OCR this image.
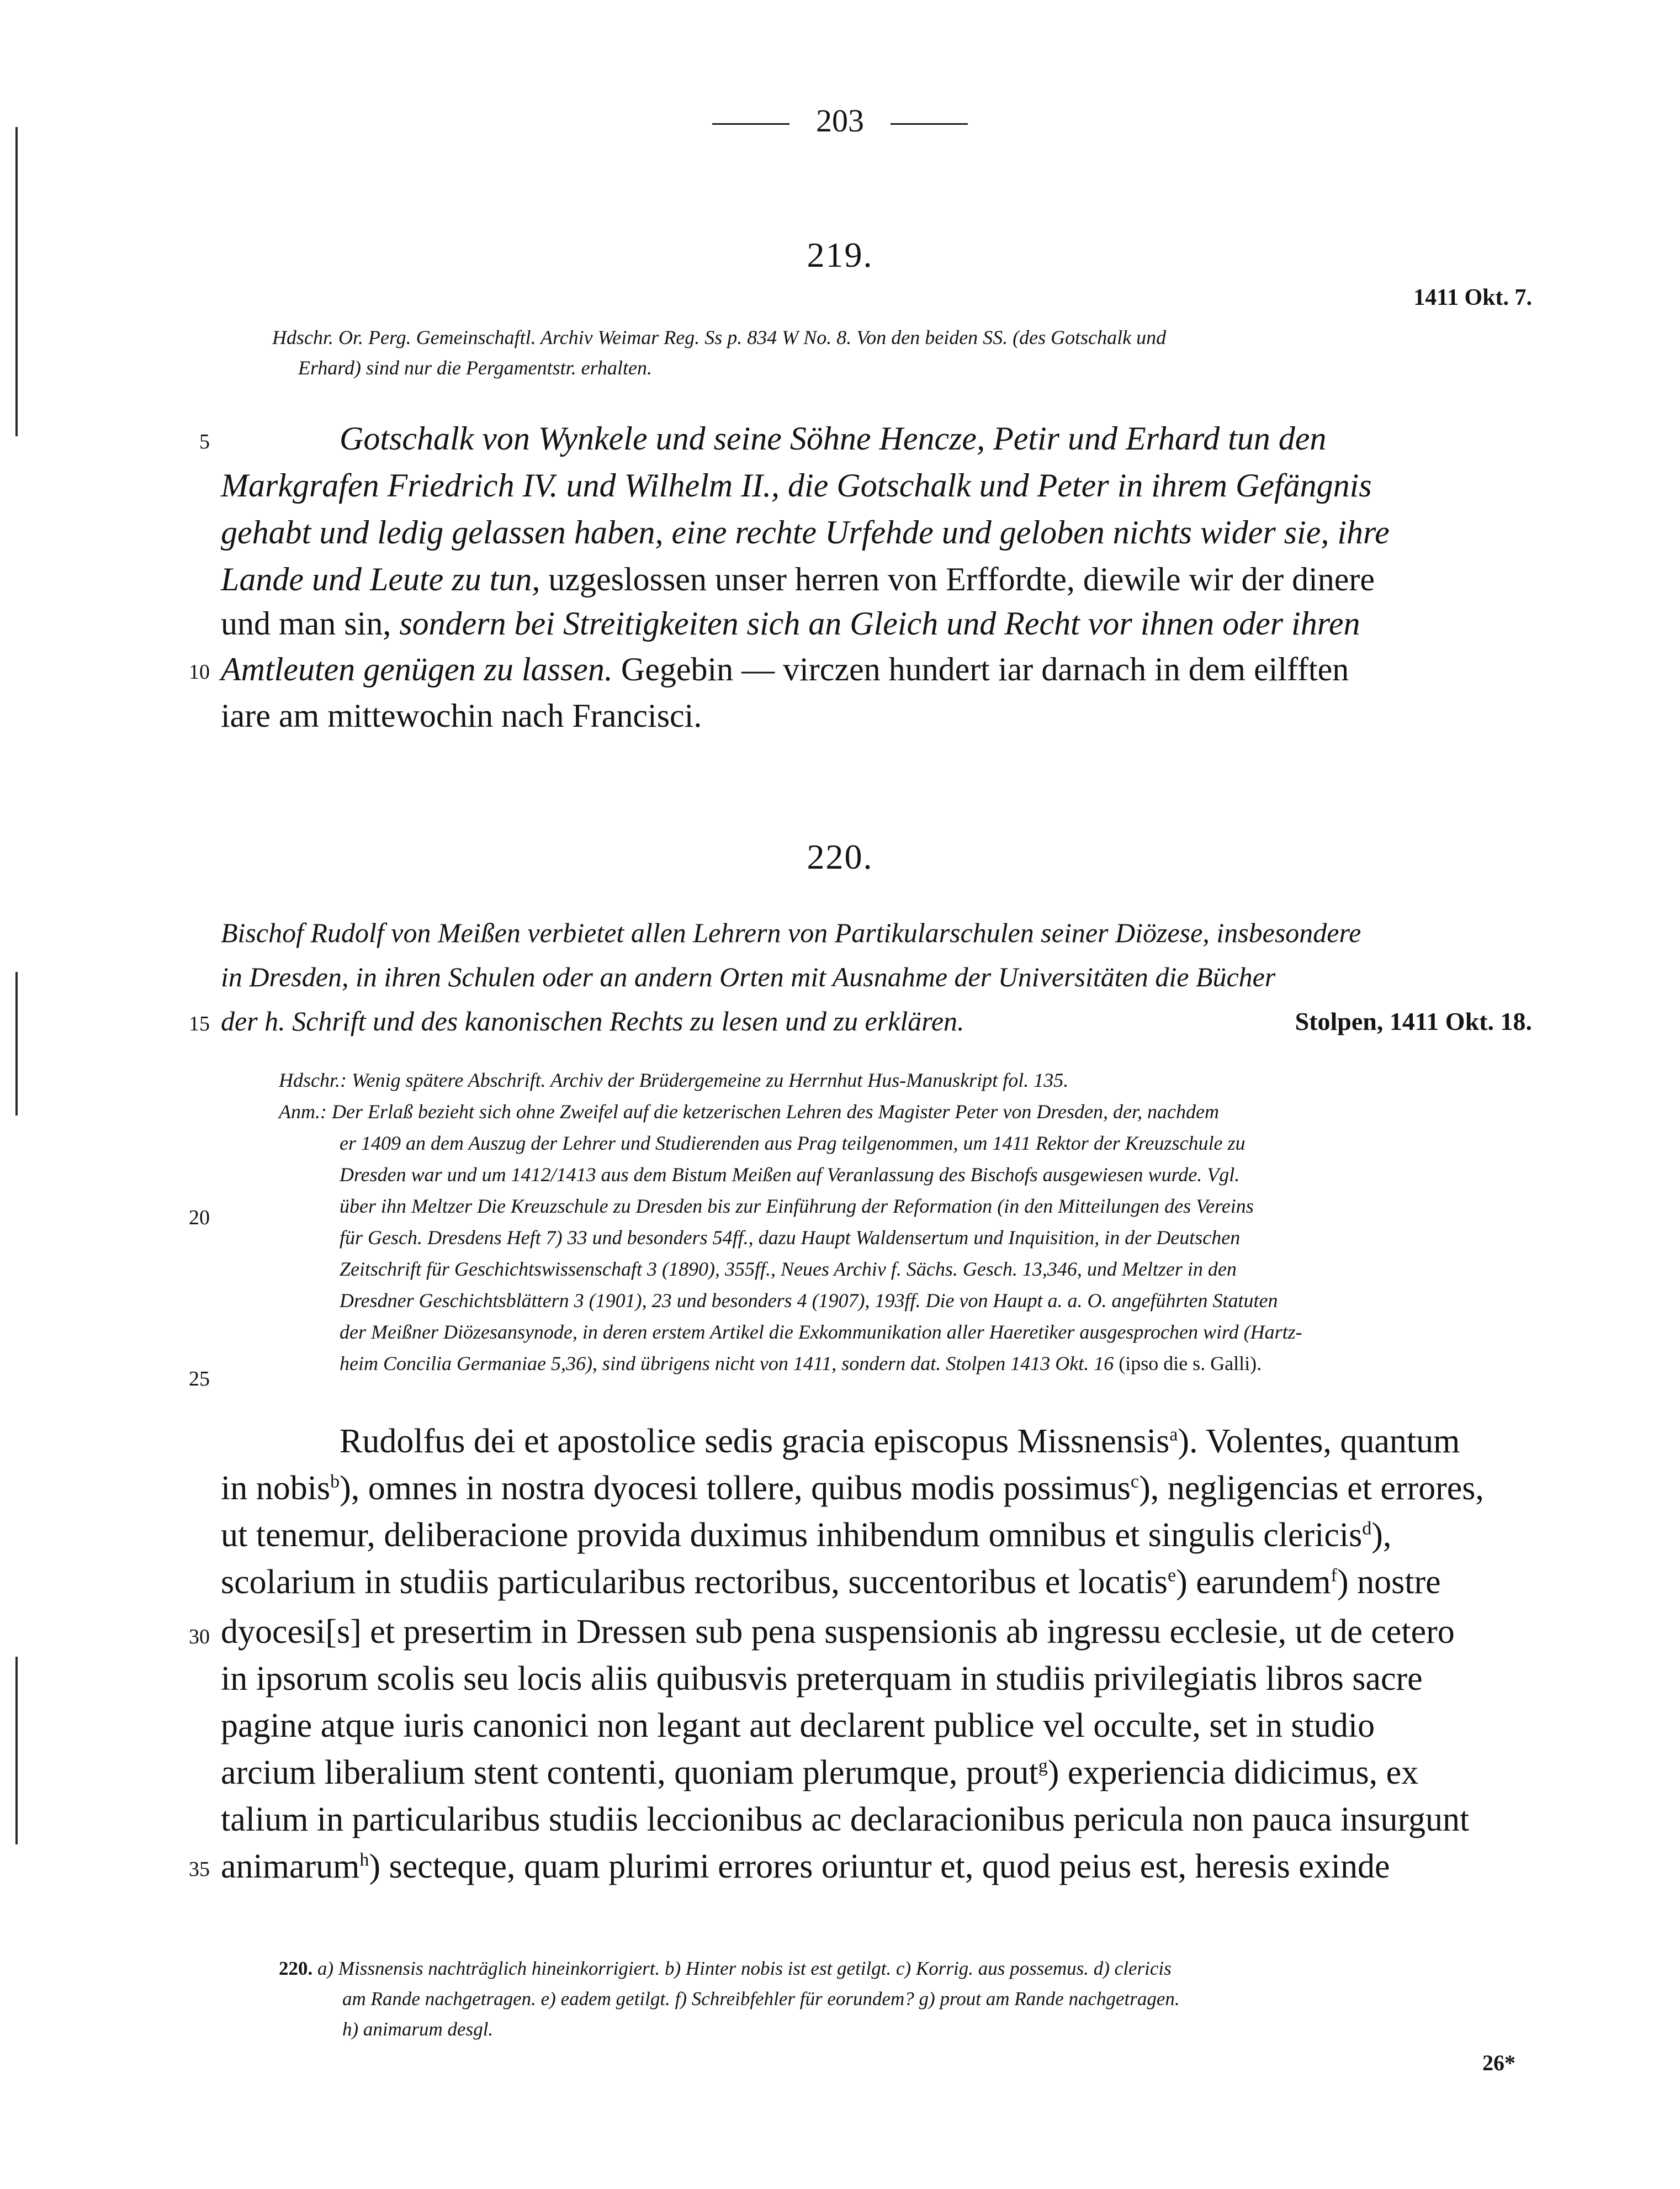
203
219.
1411 Okt. 7.
Hdschr. Or. Perg. Gemeinschaftl. Archiv Weimar Reg. Ss p. 834 W No. 8. Von den beiden SS. (des Gotschalk und
Erhard) sind nur die Pergamentstr. erhalten.
5
10
15
20
25
30
35
Gotschalk von Wynkele und seine Söhne Hencze, Petir und Erhard tun den
Markgrafen Friedrich IV. und Wilhelm II., die Gotschalk und Peter in ihrem Gefängnis
gehabt und ledig gelassen haben, eine rechte Urfehde und geloben nichts wider sie, ihre
Lande und Leute zu tun, uzgeslossen unser herren von Erffordte, diewile wir der dinere
und man sin, sondern bei Streitigkeiten sich an Gleich und Recht vor ihnen oder ihren
Amtleuten genügen zu lassen. Gegebin — virczen hundert iar darnach in dem eilfften
iare am mittewochin nach Francisci.
220.
Bischof Rudolf von Meißen verbietet allen Lehrern von Partikularschulen seiner Diözese, insbesondere
in Dresden, in ihren Schulen oder an andern Orten mit Ausnahme der Universitäten die Bücher
der h. Schrift und des kanonischen Rechts zu lesen und zu erklären.	Stolpen, 1411 Okt. 18.
Hdschr.: Wenig spätere Abschrift. Archiv der Brüdergemeine zu Herrnhut Hus-Manuskript fol. 135.
Anm.: Der Erlaß bezieht sich ohne Zweifel auf die ketzerischen Lehren des Magister Peter von Dresden, der, nachdem
er 1409 an dem Auszug der Lehrer und Studierenden aus Prag teilgenommen, um 1411 Rektor der Kreuzschule zu
Dresden war und um 1412/1413 aus dem Bistum Meißen auf Veranlassung des Bischofs ausgewiesen wurde. Vgl.
über ihn Meltzer Die Kreuzschule zu Dresden bis zur Einführung der Reformation (in den Mitteilungen des Vereins
für Gesch. Dresdens Heft 7) 33 und besonders 54ff., dazu Haupt Waldensertum und Inquisition, in der Deutschen
Zeitschrift für Geschichtswissenschaft 3 (1890), 355ff., Neues Archiv f. Sächs. Gesch. 13,346, und Meltzer in den
Dresdner Geschichtsblättern 3 (1901), 23 und besonders 4 (1907), 193ff. Die von Haupt a. a. O. angeführten Statuten
der Meißner Diözesansynode, in deren erstem Artikel die Exkommunikation aller Haeretiker ausgesprochen wird (Hartz-
heim Concilia Germaniae 5,36), sind übrigens nicht von 1411, sondern dat. Stolpen 1413 Okt. 16 (ipso die s. Galli).
Rudolfus dei et apostolice sedis gracia episcopus Missnensis$^a$). Volentes, quantum
in nobis$^b$), omnes in nostra dyocesi tollere, quibus modis possimus$^c$), negligencias et errores,
ut tenemur, deliberacione provida duximus inhibendum omnibus et singulis clericis$^d$),
scolarium in studiis particularibus rectoribus, succentoribus et locatis$^e$) earundem$^f$) nostre
dyocesi[s] et presertim in Dressen sub pena suspensionis ab ingressu ecclesie, ut de cetero
in ipsorum scolis seu locis aliis quibusvis preterquam in studiis privilegiatis libros sacre
pagine atque iuris canonici non legant aut declarent publice vel occulte, set in studio
arcium liberalium stent contenti, quoniam plerumque, prout$^g$) experiencia didicimus, ex
talium in particularibus studiis leccionibus ac declaracionibus pericula non pauca insurgunt
animarum$^h$) secteque, quam plurimi errores oriuntur et, quod peius est, heresis exinde
220. a) Missnensis nachträglich hineinkorrigiert. b) Hinter nobis ist est getilgt. c) Korrig. aus possemus. d) clericis
am Rande nachgetragen. e) eadem getilgt. f) Schreibfehler für eorundem? g) prout am Rande nachgetragen.
h) animarum desgl.
26*
